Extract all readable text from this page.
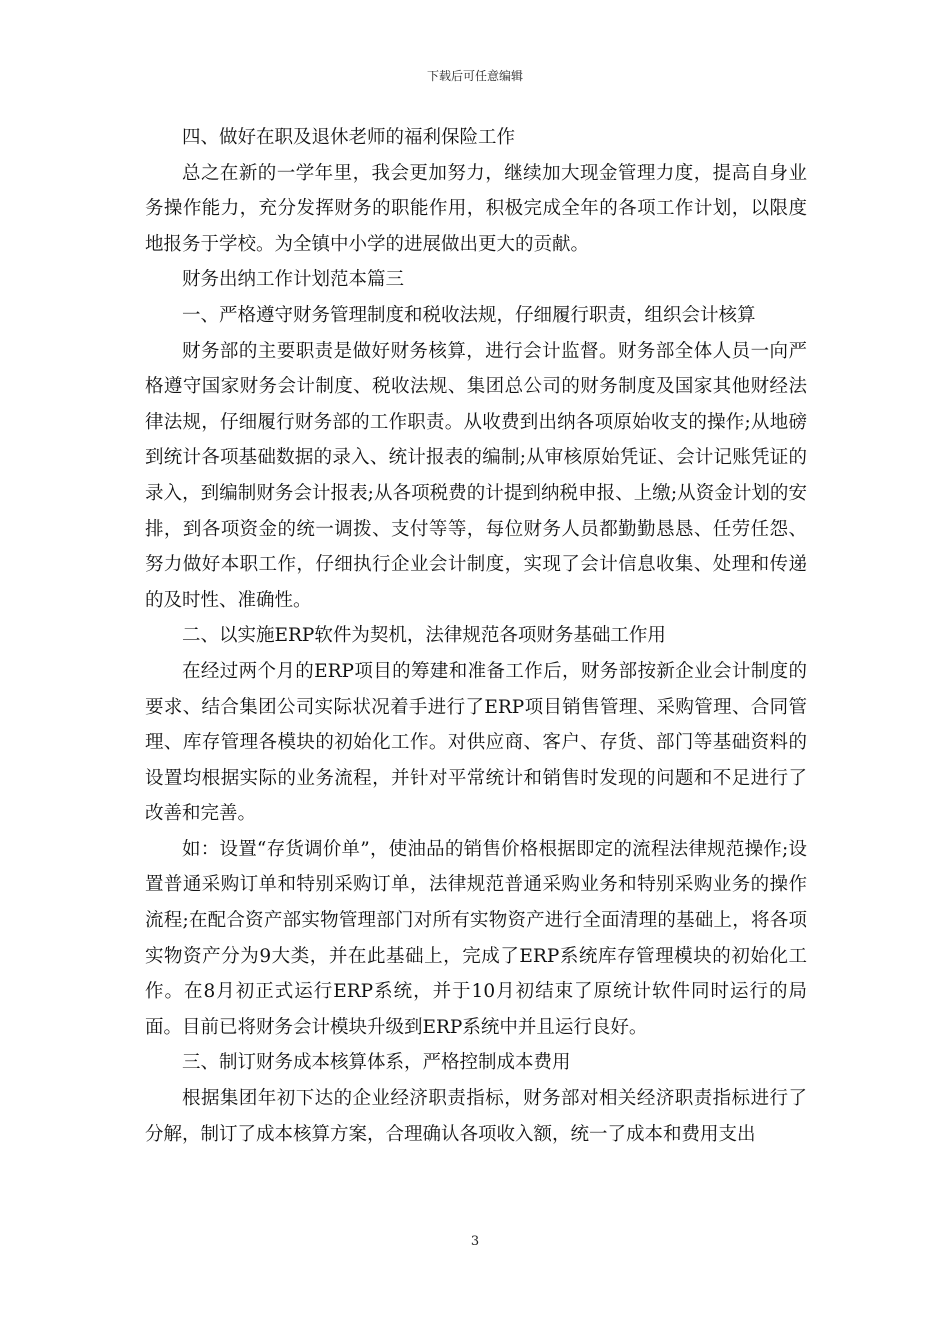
下载后可任意编辑

四、做好在职及退休老师的福利保险工作

总之在新的一学年里，我会更加努力，继续加大现金管理力度，提高自身业务操作能力，充分发挥财务的职能作用，积极完成全年的各项工作计划，以限度地报务于学校。为全镇中小学的进展做出更大的贡献。

财务出纳工作计划范本篇三

一、严格遵守财务管理制度和税收法规，仔细履行职责，组织会计核算

财务部的主要职责是做好财务核算，进行会计监督。财务部全体人员一向严格遵守国家财务会计制度、税收法规、集团总公司的财务制度及国家其他财经法律法规，仔细履行财务部的工作职责。从收费到出纳各项原始收支的操作;从地磅到统计各项基础数据的录入、统计报表的编制;从审核原始凭证、会计记账凭证的录入，到编制财务会计报表;从各项税费的计提到纳税申报、上缴;从资金计划的安排，到各项资金的统一调拨、支付等等，每位财务人员都勤勤恳恳、任劳任怨、努力做好本职工作，仔细执行企业会计制度，实现了会计信息收集、处理和传递的及时性、准确性。

二、以实施ERP软件为契机，法律规范各项财务基础工作用

在经过两个月的ERP项目的筹建和准备工作后，财务部按新企业会计制度的要求、结合集团公司实际状况着手进行了ERP项目销售管理、采购管理、合同管理、库存管理各模块的初始化工作。对供应商、客户、存货、部门等基础资料的设置均根据实际的业务流程，并针对平常统计和销售时发现的问题和不足进行了改善和完善。

如：设置“存货调价单”，使油品的销售价格根据即定的流程法律规范操作;设置普通采购订单和特别采购订单，法律规范普通采购业务和特别采购业务的操作流程;在配合资产部实物管理部门对所有实物资产进行全面清理的基础上，将各项实物资产分为9大类，并在此基础上，完成了ERP系统库存管理模块的初始化工作。在8月初正式运行ERP系统，并于10月初结束了原统计软件同时运行的局面。目前已将财务会计模块升级到ERP系统中并且运行良好。

三、制订财务成本核算体系，严格控制成本费用

根据集团年初下达的企业经济职责指标，财务部对相关经济职责指标进行了分解，制订了成本核算方案，合理确认各项收入额，统一了成本和费用支出

3
